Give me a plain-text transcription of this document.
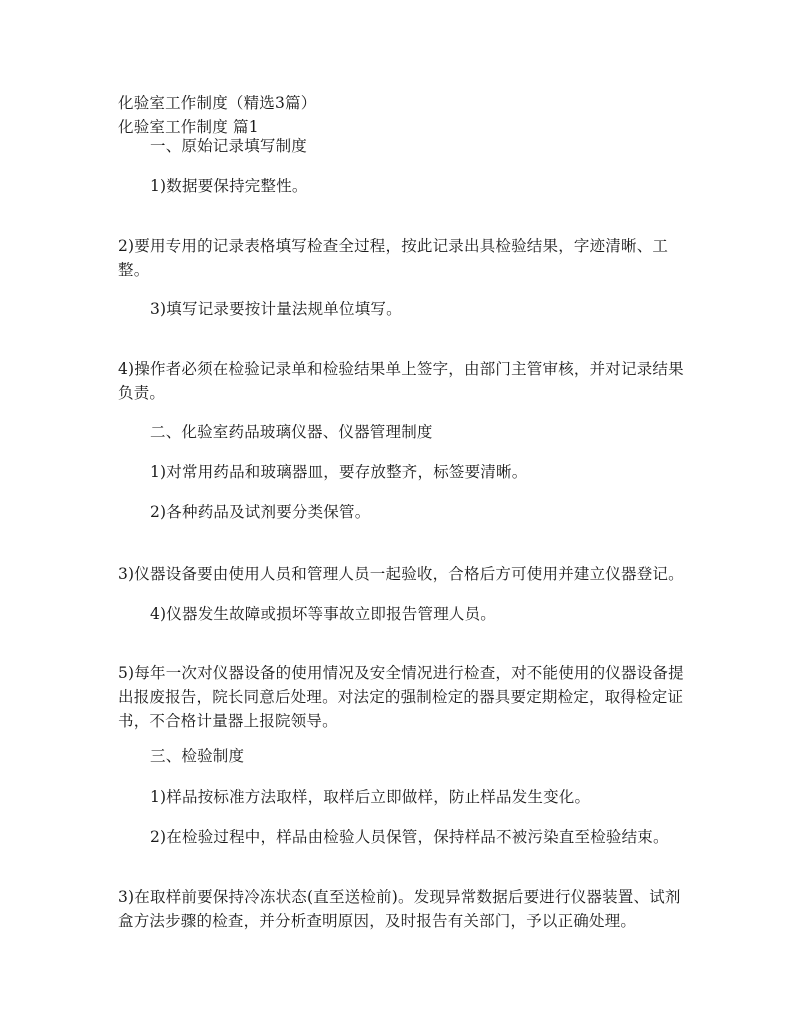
化验室工作制度（精选3篇）
化验室工作制度 篇1
一、原始记录填写制度
1)数据要保持完整性。
2)要用专用的记录表格填写检查全过程，按此记录出具检验结果，字迹清晰、工整。
3)填写记录要按计量法规单位填写。
4)操作者必须在检验记录单和检验结果单上签字，由部门主管审核，并对记录结果负责。
二、化验室药品玻璃仪器、仪器管理制度
1)对常用药品和玻璃器皿，要存放整齐，标签要清晰。
2)各种药品及试剂要分类保管。
3)仪器设备要由使用人员和管理人员一起验收，合格后方可使用并建立仪器登记。
4)仪器发生故障或损坏等事故立即报告管理人员。
5)每年一次对仪器设备的使用情况及安全情况进行检查，对不能使用的仪器设备提出报废报告，院长同意后处理。对法定的强制检定的器具要定期检定，取得检定证书，不合格计量器上报院领导。
三、检验制度
1)样品按标准方法取样，取样后立即做样，防止样品发生变化。
2)在检验过程中，样品由检验人员保管，保持样品不被污染直至检验结束。
3)在取样前要保持冷冻状态(直至送检前)。发现异常数据后要进行仪器装置、试剂盒方法步骤的检查，并分析查明原因，及时报告有关部门，予以正确处理。
